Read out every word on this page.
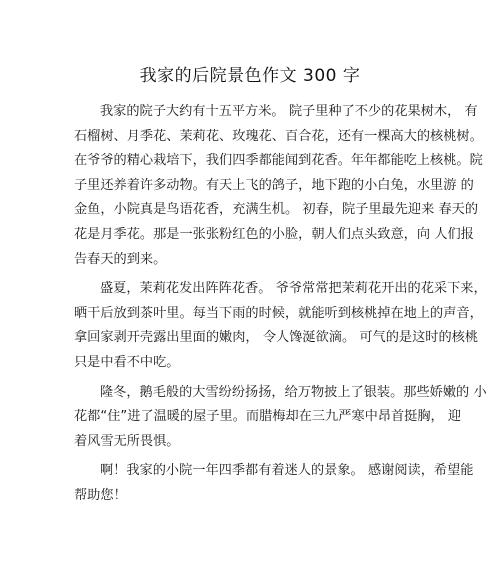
我家的后院景色作文 300 字
我家的院子大约有十五平方米。 院子里种了不少的花果树木， 有
石榴树、月季花、茉莉花、玫瑰花、百合花，还有一棵高大的核桃树。
在爷爷的精心栽培下，我们四季都能闻到花香。年年都能吃上核桃。院
子里还养着许多动物。有天上飞的鸽子，地下跑的小白兔，水里游 的
金鱼，小院真是鸟语花香，充满生机。 初春，院子里最先迎来 春天的
花是月季花。那是一张张粉红色的小脸，朝人们点头致意，向 人们报
告春天的到来。
盛夏，茉莉花发出阵阵花香。 爷爷常常把茉莉花开出的花采下来，
晒干后放到茶叶里。每当下雨的时候，就能听到核桃掉在地上的声音，
拿回家剥开壳露出里面的嫩肉， 令人馋涎欲滴。 可气的是这时的核桃
只是中看不中吃。
隆冬，鹅毛般的大雪纷纷扬扬，给万物披上了银装。那些娇嫩的 小
花都“住”进了温暖的屋子里。而腊梅却在三九严寒中昂首挺胸， 迎
着风雪无所畏惧。
啊！我家的小院一年四季都有着迷人的景象。 感谢阅读，希望能
帮助您！
